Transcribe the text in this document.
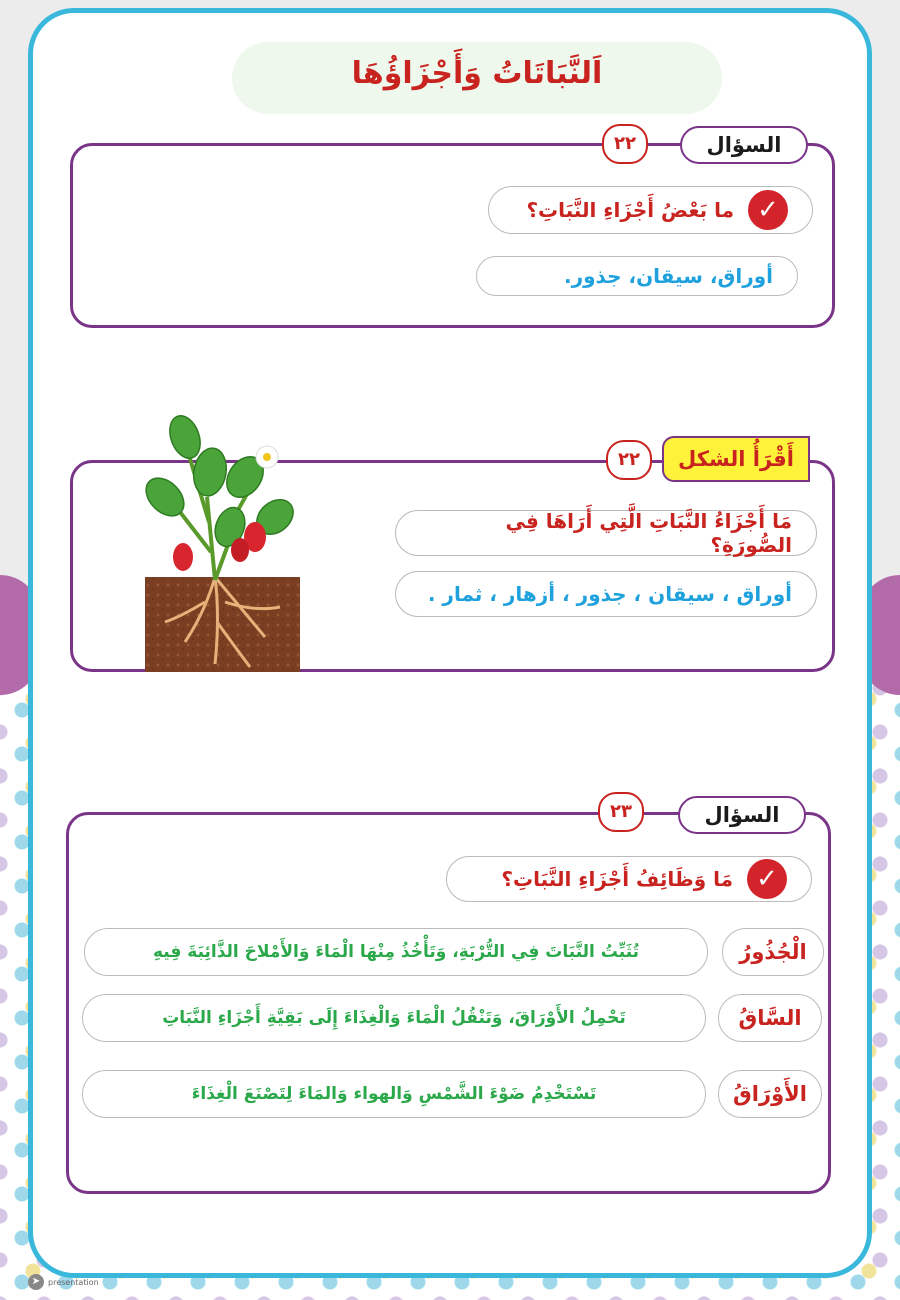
اَلنَّبَاتَاتُ وَأَجْزَاؤُهَا
السؤال
٢٢
✓
ما بَعْضُ أَجْزَاءِ النَّبَاتِ؟
أوراق، سيقان، جذور.
أَقْرَأُ الشكل
٢٢
مَا أَجْزَاءُ النَّبَاتِ الَّتِي أَرَاهَا فِي الصُّورَةِ؟
أوراق ، سيقان ، جذور ، أزهار ، ثمار .
السؤال
٢٣
✓
مَا وَظَائِفُ أَجْزَاءِ النَّبَاتِ؟
الْجُذُورُ
تُثَبِّتُ النَّبَاتَ فِي التُّرْبَةِ، وَتَأْخُذُ مِنْهَا الْمَاءَ وَالأَمْلاحَ الذَّائِبَةَ فِيهِ
السَّاقُ
تَحْمِلُ الأَوْرَاقَ، وَتَنْقُلُ الْمَاءَ وَالْغِذَاءَ إِلَى بَقِيَّةِ أَجْزَاءِ النَّبَاتِ
الأَوْرَاقُ
تَسْتَخْدِمُ ضَوْءَ الشَّمْسِ وَالهواء وَالمَاءَ لِتَصْنَعَ الْغِذَاءَ
➤ presentation
